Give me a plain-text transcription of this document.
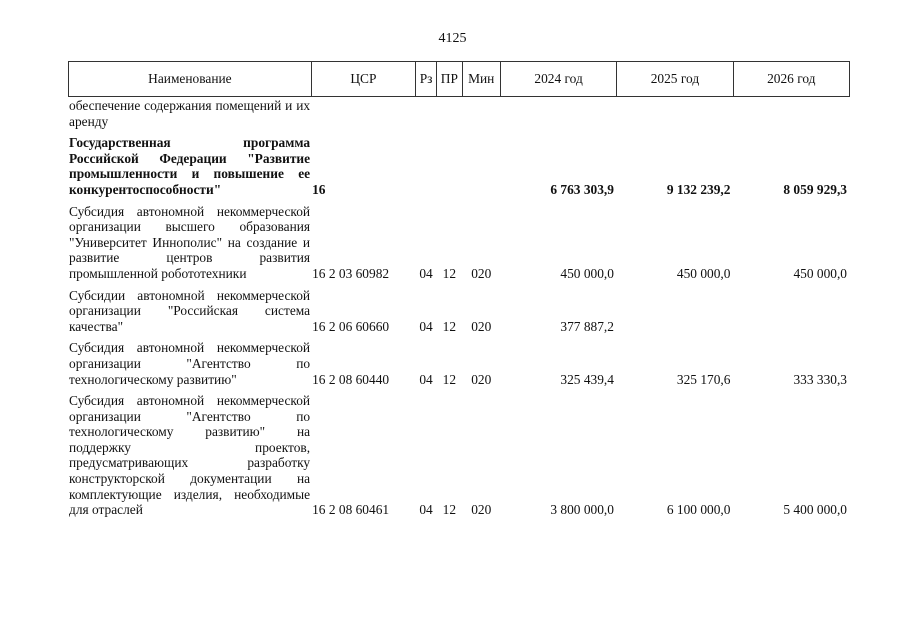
4125
Наименование	ЦСР	Рз	ПР	Мин	2024 год	2025 год	2026 год
обеспечение содержания помещений и их аренду							

Государственная программа Российской Федерации "Развитие промышленности и повышение ее конкурентоспособности"	16				6 763 303,9	9 132 239,2	8 059 929,3

Субсидия автономной некоммерческой организации высшего образования "Университет Иннополис" на создание и развитие центров развития промышленной робототехники	16 2 03 60982	04	12	020	450 000,0	450 000,0	450 000,0

Субсидии автономной некоммерческой организации "Российская система качества"	16 2 06 60660	04	12	020	377 887,2		

Субсидия автономной некоммерческой организации "Агентство по технологическому развитию"	16 2 08 60440	04	12	020	325 439,4	325 170,6	333 330,3

Субсидия автономной некоммерческой организации "Агентство по технологическому развитию" на поддержку проектов, предусматривающих разработку конструкторской документации на комплектующие изделия, необходимые для отраслей	16 2 08 60461	04	12	020	3 800 000,0	6 100 000,0	5 400 000,0
